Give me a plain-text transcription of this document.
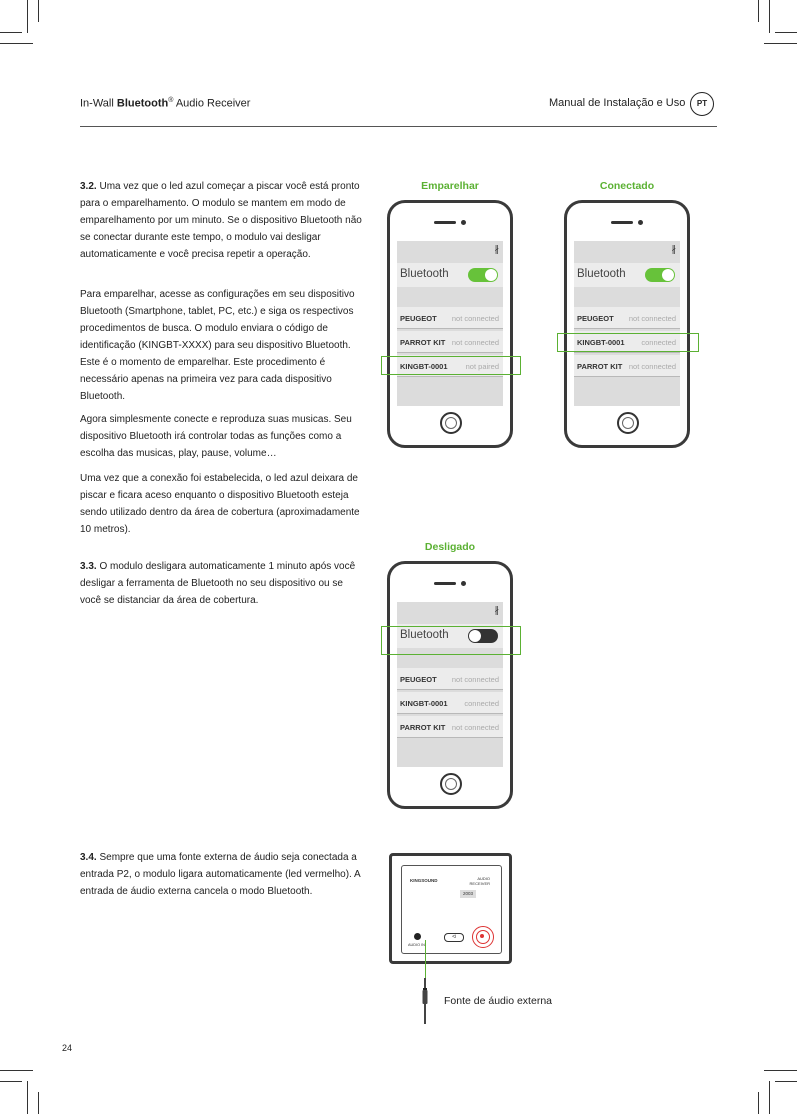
In-Wall Bluetooth® Audio Receiver	Manual de Instalação e Uso	PT
3.2. Uma vez que o led azul começar a piscar você está pronto para o emparelhamento. O modulo se mantem em modo de emparelhamento por um minuto. Se o dispositivo Bluetooth não se conectar durante este tempo, o modulo vai desligar automaticamente e você precisa repetir a operação.
Para emparelhar, acesse as configurações em seu dispositivo Bluetooth (Smartphone, tablet, PC, etc.) e siga os respectivos procedimentos de busca. O modulo enviara o código de identificação (KINGBT-XXXX) para seu dispositivo Bluetooth. Este é o momento de emparelhar. Este procedimento é necessário apenas na primeira vez para cada dispositivo Bluetooth.
Agora simplesmente conecte e reproduza suas musicas. Seu dispositivo Bluetooth irá controlar todas as funções como a escolha das musicas, play, pause, volume…
Uma vez que a conexão foi estabelecida, o led azul deixara de piscar e ficara aceso enquanto o dispositivo Bluetooth esteja sendo utilizado dentro da área de cobertura (aproximadamente 10 metros).
3.3. O modulo desligara automaticamente 1 minuto após você desligar a ferramenta de Bluetooth no seu dispositivo ou se você se distanciar da área de cobertura.
3.4. Sempre que uma fonte externa de áudio seja conectada a entrada P2, o modulo ligara automaticamente (led vermelho). A entrada de áudio externa cancela o modo Bluetooth.
Emparelhar
∦
Bluetooth
PEUGEOT not connected
PARROT KIT not connected
KINGBT-0001 not paired
Conectado
∦
Bluetooth
PEUGEOT not connected
KINGBT-0001 connected
PARROT KIT not connected
Desligado
∦
Bluetooth
PEUGEOT not connected
KINGBT-0001 connected
PARROT KIT not connected
KINGSOUND	AUDIO RECEIVER
2003
AUDIO IN
ᐊ
Fonte de áudio externa
24
